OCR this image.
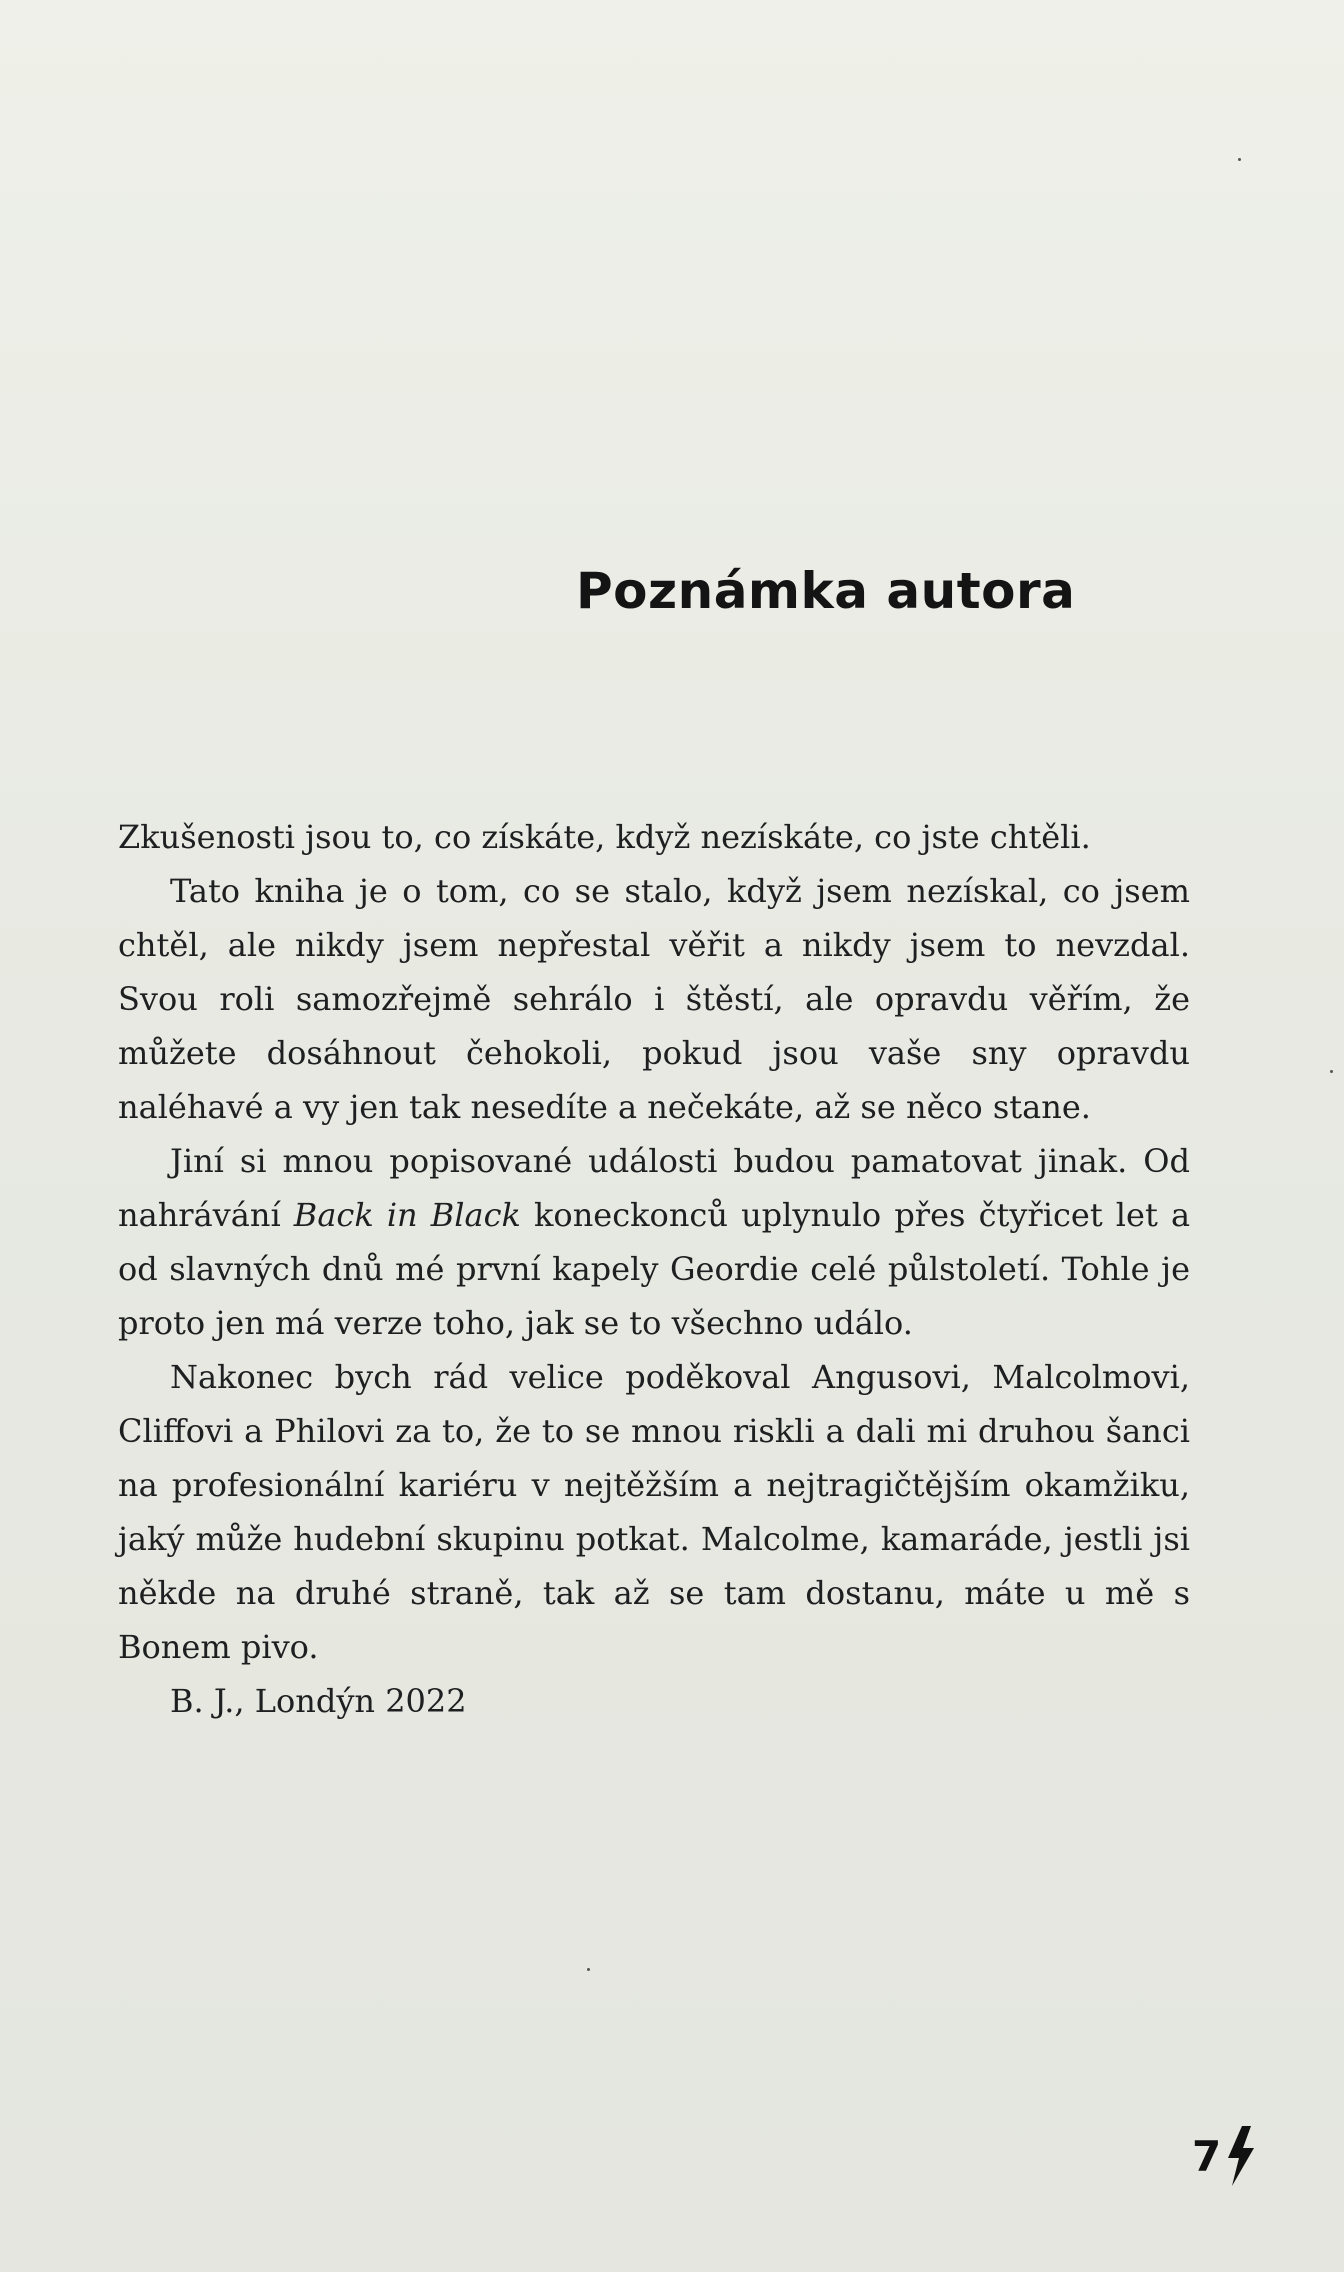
Poznámka autora

Zkušenosti jsou to, co získáte, když nezískáte, co jste chtěli.

Tato kniha je o tom, co se stalo, když jsem nezískal, co jsem chtěl, ale nikdy jsem nepřestal věřit a nikdy jsem to nevzdal. Svou roli samozřejmě sehrálo i štěstí, ale opravdu věřím, že můžete dosáhnout čehokoli, pokud jsou vaše sny opravdu naléhavé a vy jen tak nesedíte a nečekáte, až se něco stane.

Jiní si mnou popisované události budou pamatovat jinak. Od nahrávání Back in Black koneckonců uplynulo přes čtyřicet let a od slavných dnů mé první kapely Geordie celé půlstoletí. Tohle je proto jen má verze toho, jak se to všechno událo.

Nakonec bych rád velice poděkoval Angusovi, Malcolmovi, Cliffovi a Philovi za to, že to se mnou riskli a dali mi druhou šanci na profesionální kariéru v nejtěžším a nejtragičtějším okamžiku, jaký může hudební skupinu potkat. Malcolme, kamaráde, jestli jsi někde na druhé straně, tak až se tam dostanu, máte u mě s Bonem pivo.

B. J., Londýn 2022

7
